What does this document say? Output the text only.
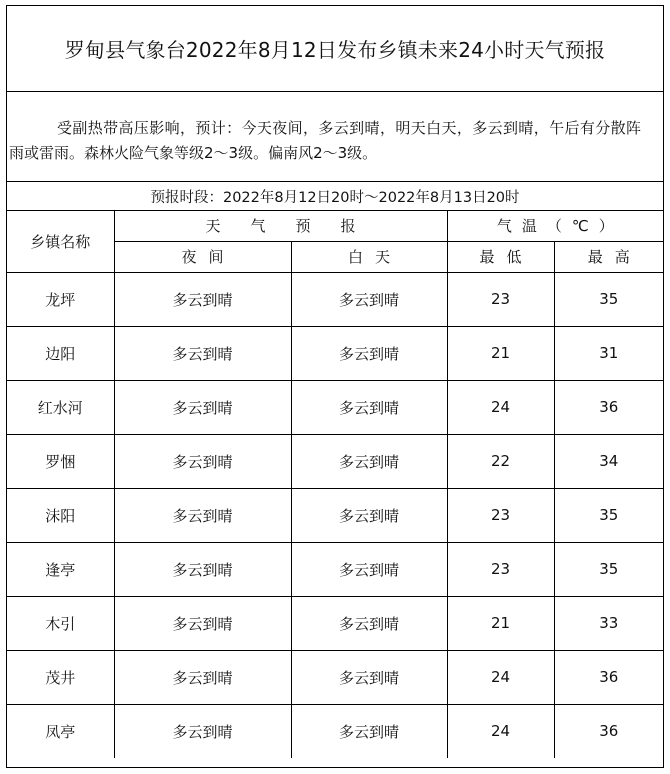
罗甸县气象台2022年8月12日发布乡镇未来24小时天气预报
受副热带高压影响，预计：今天夜间，多云到晴，明天白天，多云到晴，午后有分散阵雨或雷雨。森林火险气象等级2～3级。偏南风2～3级。
预报时段：2022年8月12日20时～2022年8月13日20时
乡镇名称	天气预报		气温（℃）	
	夜间	白天	最低	最高
龙坪	多云到晴	多云到晴	23	35
边阳	多云到晴	多云到晴	21	31
红水河	多云到晴	多云到晴	24	36
罗悃	多云到晴	多云到晴	22	34
沫阳	多云到晴	多云到晴	23	35
逢亭	多云到晴	多云到晴	23	35
木引	多云到晴	多云到晴	21	33
茂井	多云到晴	多云到晴	24	36
凤亭	多云到晴	多云到晴	24	36
